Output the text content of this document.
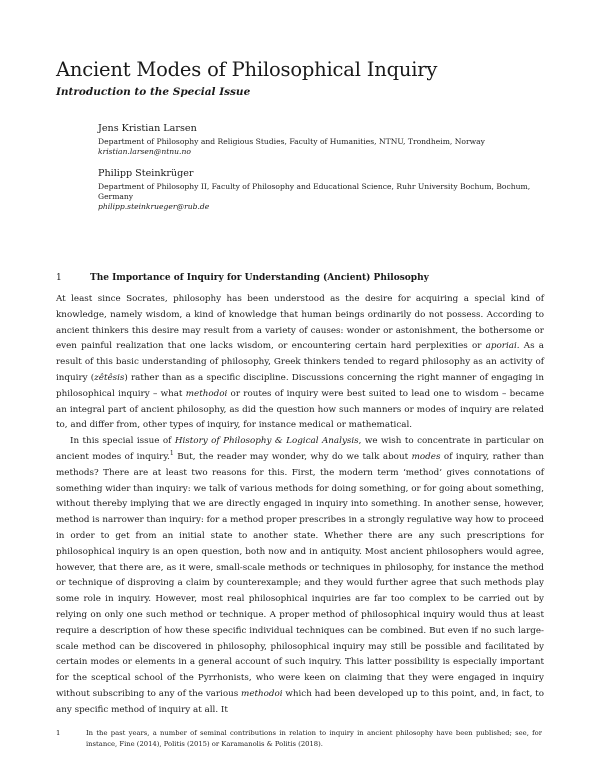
Ancient Modes of Philosophical Inquiry
Introduction to the Special Issue
Jens Kristian Larsen
Department of Philosophy and Religious Studies, Faculty of Humanities, NTNU, Trondheim, Norway
kristian.larsen@ntnu.no
Philipp Steinkrüger
Department of Philosophy II, Faculty of Philosophy and Educational Science, Ruhr University Bochum, Bochum, Germany
philipp.steinkrueger@rub.de
1	The Importance of Inquiry for Understanding (Ancient) Philosophy

At least since Socrates, philosophy has been understood as the desire for acquiring a special kind of knowledge, namely wisdom, a kind of knowledge that human beings ordinarily do not possess. According to ancient thinkers this desire may result from a variety of causes: wonder or astonishment, the bothersome or even painful realization that one lacks wisdom, or encountering certain hard perplexities or aporiai. As a result of this basic understanding of philosophy, Greek thinkers tended to regard philosophy as an activity of inquiry (zêtêsis) rather than as a specific discipline. Discussions concerning the right manner of engaging in philosophical inquiry – what methodoi or routes of inquiry were best suited to lead one to wisdom – became an integral part of ancient philosophy, as did the question how such manners or modes of inquiry are related to, and differ from, other types of inquiry, for instance medical or mathematical.

In this special issue of History of Philosophy & Logical Analysis, we wish to concentrate in particular on ancient modes of inquiry.$^1$ But, the reader may wonder, why do we talk about modes of inquiry, rather than methods? There are at least two reasons for this. First, the modern term ‘method’ gives connotations of something wider than inquiry: we talk of various methods for doing something, or for going about something, without thereby implying that we are directly engaged in inquiry into something. In another sense, however, method is narrower than inquiry: for a method proper prescribes in a strongly regulative way how to proceed in order to get from an initial state to another state. Whether there are any such prescriptions for philosophical inquiry is an open question, both now and in antiquity. Most ancient philosophers would agree, however, that there are, as it were, small-scale methods or techniques in philosophy, for instance the method or technique of disproving a claim by counterexample; and they would further agree that such methods play some role in inquiry. However, most real philosophical inquiries are far too complex to be carried out by relying on only one such method or technique. A proper method of philosophical inquiry would thus at least require a description of how these specific individual techniques can be combined. But even if no such large-scale method can be discovered in philosophy, philosophical inquiry may still be possible and facilitated by certain modes or elements in a general account of such inquiry. This latter possibility is especially important for the sceptical school of the Pyrrhonists, who were keen on claiming that they were engaged in inquiry without subscribing to any of the various methodoi which had been developed up to this point, and, in fact, to any specific method of inquiry at all. It

1	In the past years, a number of seminal contributions in relation to inquiry in ancient philosophy have been published; see, for instance, Fine (2014), Politis (2015) or Karamanolis & Politis (2018).
